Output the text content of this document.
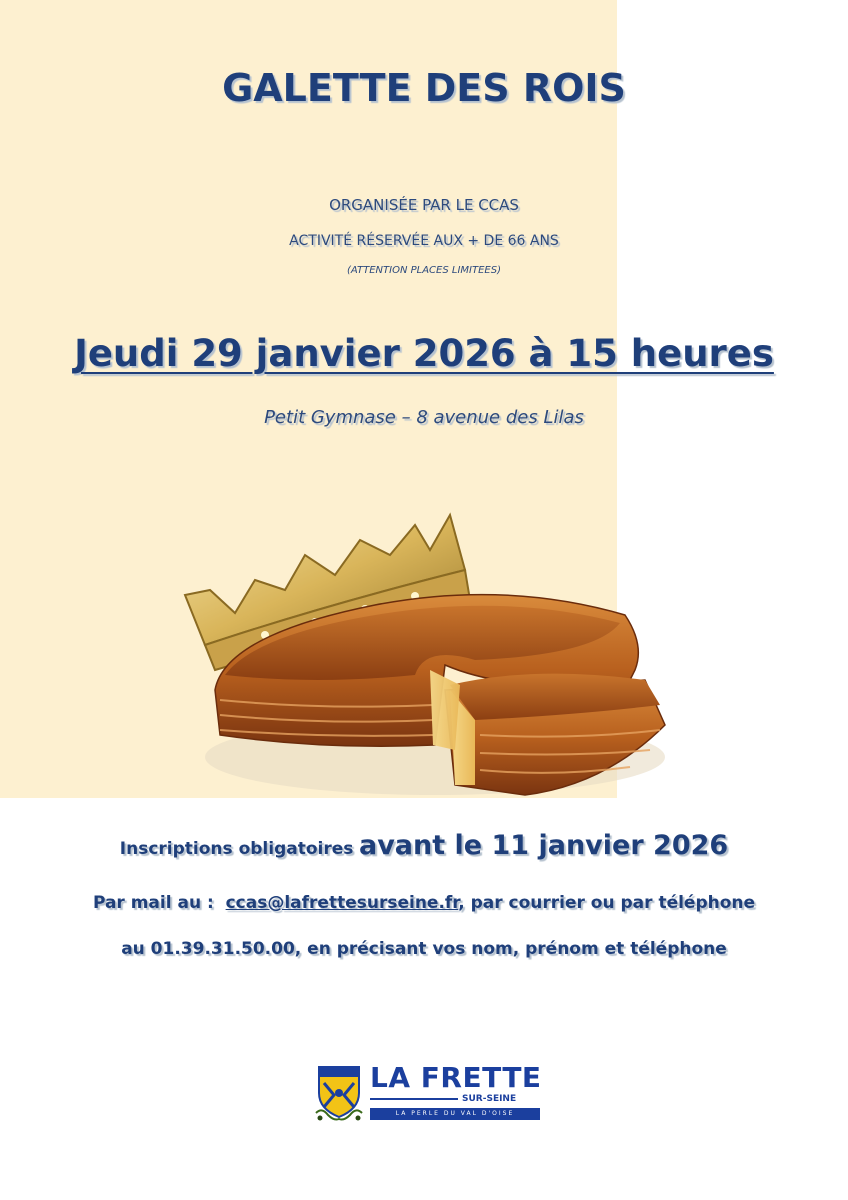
GALETTE DES ROIS
ORGANISÉE PAR LE CCAS
ACTIVITÉ RÉSERVÉE AUX + DE 66 ANS
(ATTENTION PLACES LIMITEES)
Jeudi 29 janvier 2026 à 15 heures
Petit Gymnase – 8 avenue des Lilas
Inscriptions obligatoires avant le 11 janvier 2026
Par mail au : ccas@lafrettesurseine.fr, par courrier ou par téléphone
au 01.39.31.50.00, en précisant vos nom, prénom et téléphone
LA FRETTE
SUR-SEINE
LA PERLE DU VAL D'OISE
